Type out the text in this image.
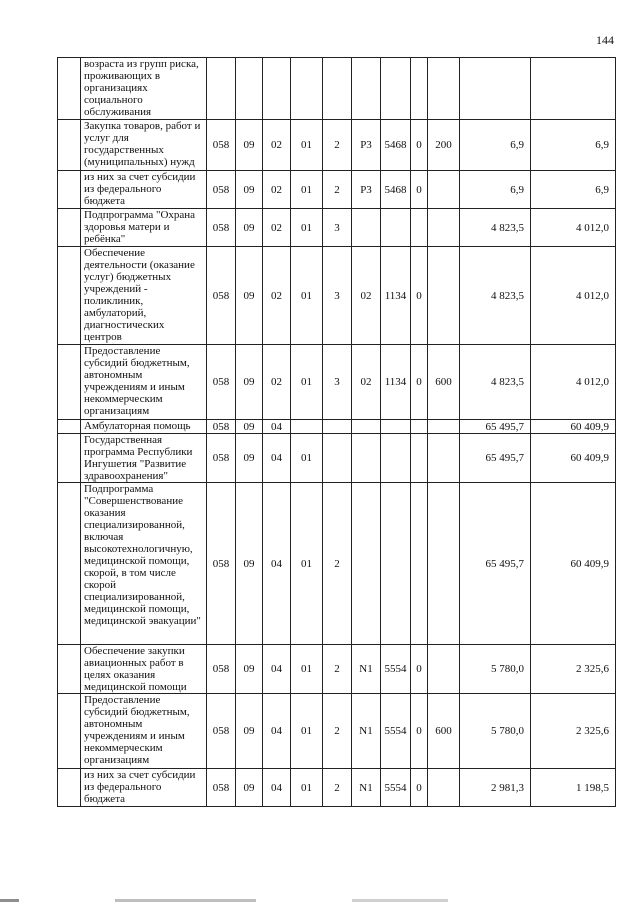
144
	возраста из групп риска, проживающих в организациях социального обслуживания											
	Закупка товаров, работ и услуг для государственных (муниципальных) нужд	058	09	02	01	2	Р3	5468	0	200	6,9	6,9
	из них за счет субсидии из федерального бюджета	058	09	02	01	2	Р3	5468	0		6,9	6,9
	Подпрограмма "Охрана здоровья матери и ребёнка"	058	09	02	01	3					4 823,5	4 012,0
	Обеспечение деятельности (оказание услуг) бюджетных учреждений - поликлиник, амбулаторий, диагностических центров	058	09	02	01	3	02	1134	0		4 823,5	4 012,0
	Предоставление субсидий бюджетным, автономным учреждениям и иным некоммерческим организациям	058	09	02	01	3	02	1134	0	600	4 823,5	4 012,0
	Амбулаторная помощь	058	09	04							65 495,7	60 409,9
	Государственная программа Республики Ингушетия "Развитие здравоохранения"	058	09	04	01						65 495,7	60 409,9
	Подпрограмма "Совершенствование оказания специализированной, включая высокотехнологичную, медицинской помощи, скорой, в том числе скорой специализированной, медицинской помощи, медицинской эвакуации"	058	09	04	01	2					65 495,7	60 409,9
	Обеспечение закупки авиационных работ в целях оказания медицинской помощи	058	09	04	01	2	N1	5554	0		5 780,0	2 325,6
	Предоставление субсидий бюджетным, автономным учреждениям и иным некоммерческим организациям	058	09	04	01	2	N1	5554	0	600	5 780,0	2 325,6
	из них за счет субсидии из федерального бюджета	058	09	04	01	2	N1	5554	0		2 981,3	1 198,5
